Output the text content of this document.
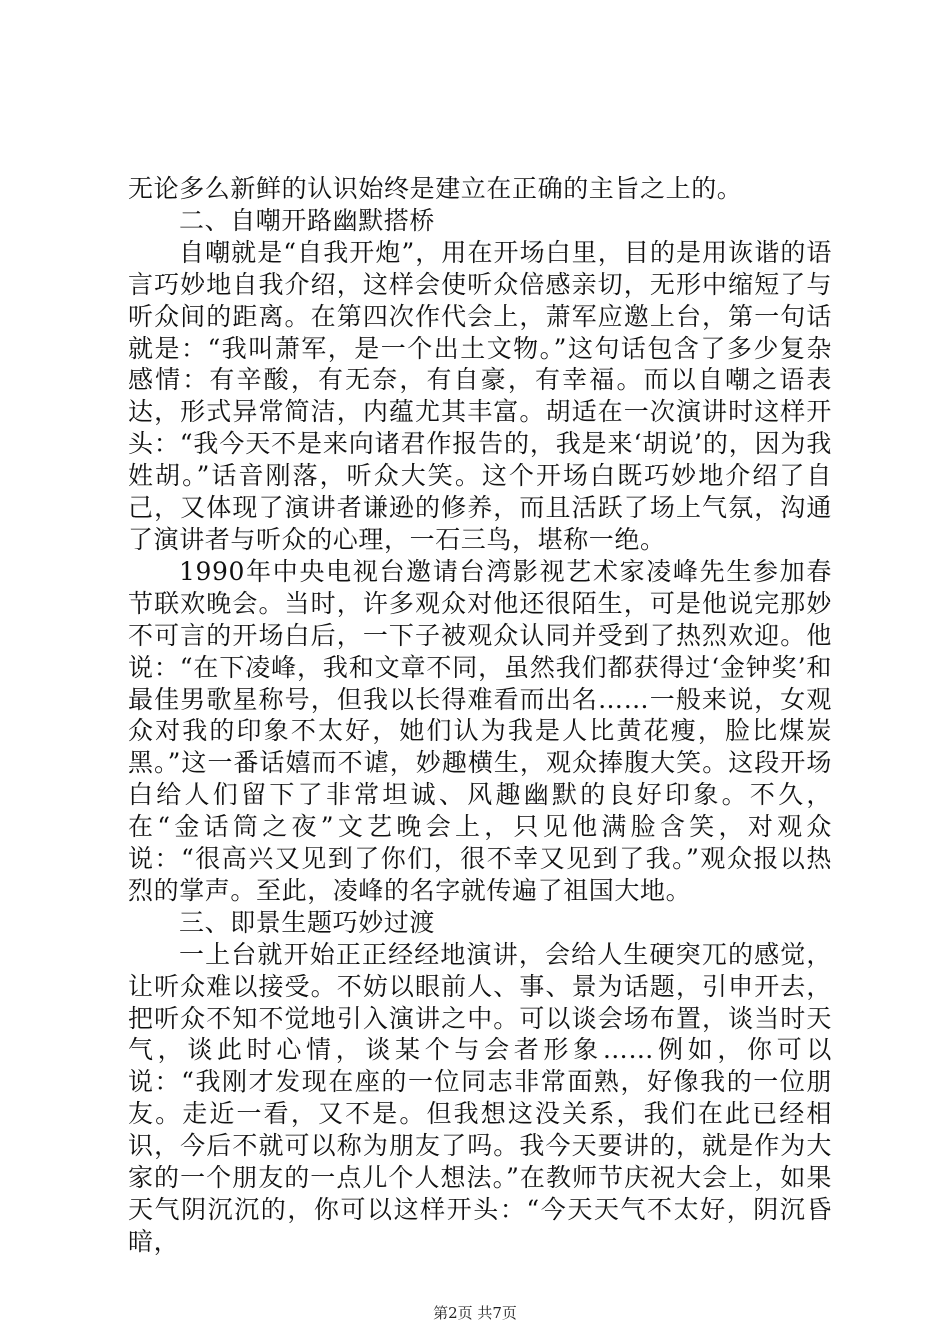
无论多么新鲜的认识始终是建立在正确的主旨之上的。

二、自嘲开路幽默搭桥

自嘲就是“自我开炮”，用在开场白里，目的是用诙谐的语言巧妙地自我介绍，这样会使听众倍感亲切，无形中缩短了与听众间的距离。在第四次作代会上，萧军应邀上台，第一句话就是：“我叫萧军，是一个出土文物。”这句话包含了多少复杂感情：有辛酸，有无奈，有自豪，有幸福。而以自嘲之语表达，形式异常简洁，内蕴尤其丰富。胡适在一次演讲时这样开头：“我今天不是来向诸君作报告的，我是来‘胡说’的，因为我姓胡。”话音刚落，听众大笑。这个开场白既巧妙地介绍了自己，又体现了演讲者谦逊的修养，而且活跃了场上气氛，沟通了演讲者与听众的心理，一石三鸟，堪称一绝。

1990年中央电视台邀请台湾影视艺术家凌峰先生参加春节联欢晚会。当时，许多观众对他还很陌生，可是他说完那妙不可言的开场白后，一下子被观众认同并受到了热烈欢迎。他说：“在下凌峰，我和文章不同，虽然我们都获得过‘金钟奖’和最佳男歌星称号，但我以长得难看而出名……一般来说，女观众对我的印象不太好，她们认为我是人比黄花瘦，脸比煤炭黑。”这一番话嬉而不谑，妙趣横生，观众捧腹大笑。这段开场白给人们留下了非常坦诚、风趣幽默的良好印象。不久，在“金话筒之夜”文艺晚会上，只见他满脸含笑，对观众说：“很高兴又见到了你们，很不幸又见到了我。”观众报以热烈的掌声。至此，凌峰的名字就传遍了祖国大地。

三、即景生题巧妙过渡

一上台就开始正正经经地演讲，会给人生硬突兀的感觉，让听众难以接受。不妨以眼前人、事、景为话题，引申开去，把听众不知不觉地引入演讲之中。可以谈会场布置，谈当时天气，谈此时心情，谈某个与会者形象……例如，你可以说：“我刚才发现在座的一位同志非常面熟，好像我的一位朋友。走近一看，又不是。但我想这没关系，我们在此已经相识，今后不就可以称为朋友了吗。我今天要讲的，就是作为大家的一个朋友的一点儿个人想法。”在教师节庆祝大会上，如果天气阴沉沉的，你可以这样开头：“今天天气不太好，阴沉昏暗，

第2页 共7页
